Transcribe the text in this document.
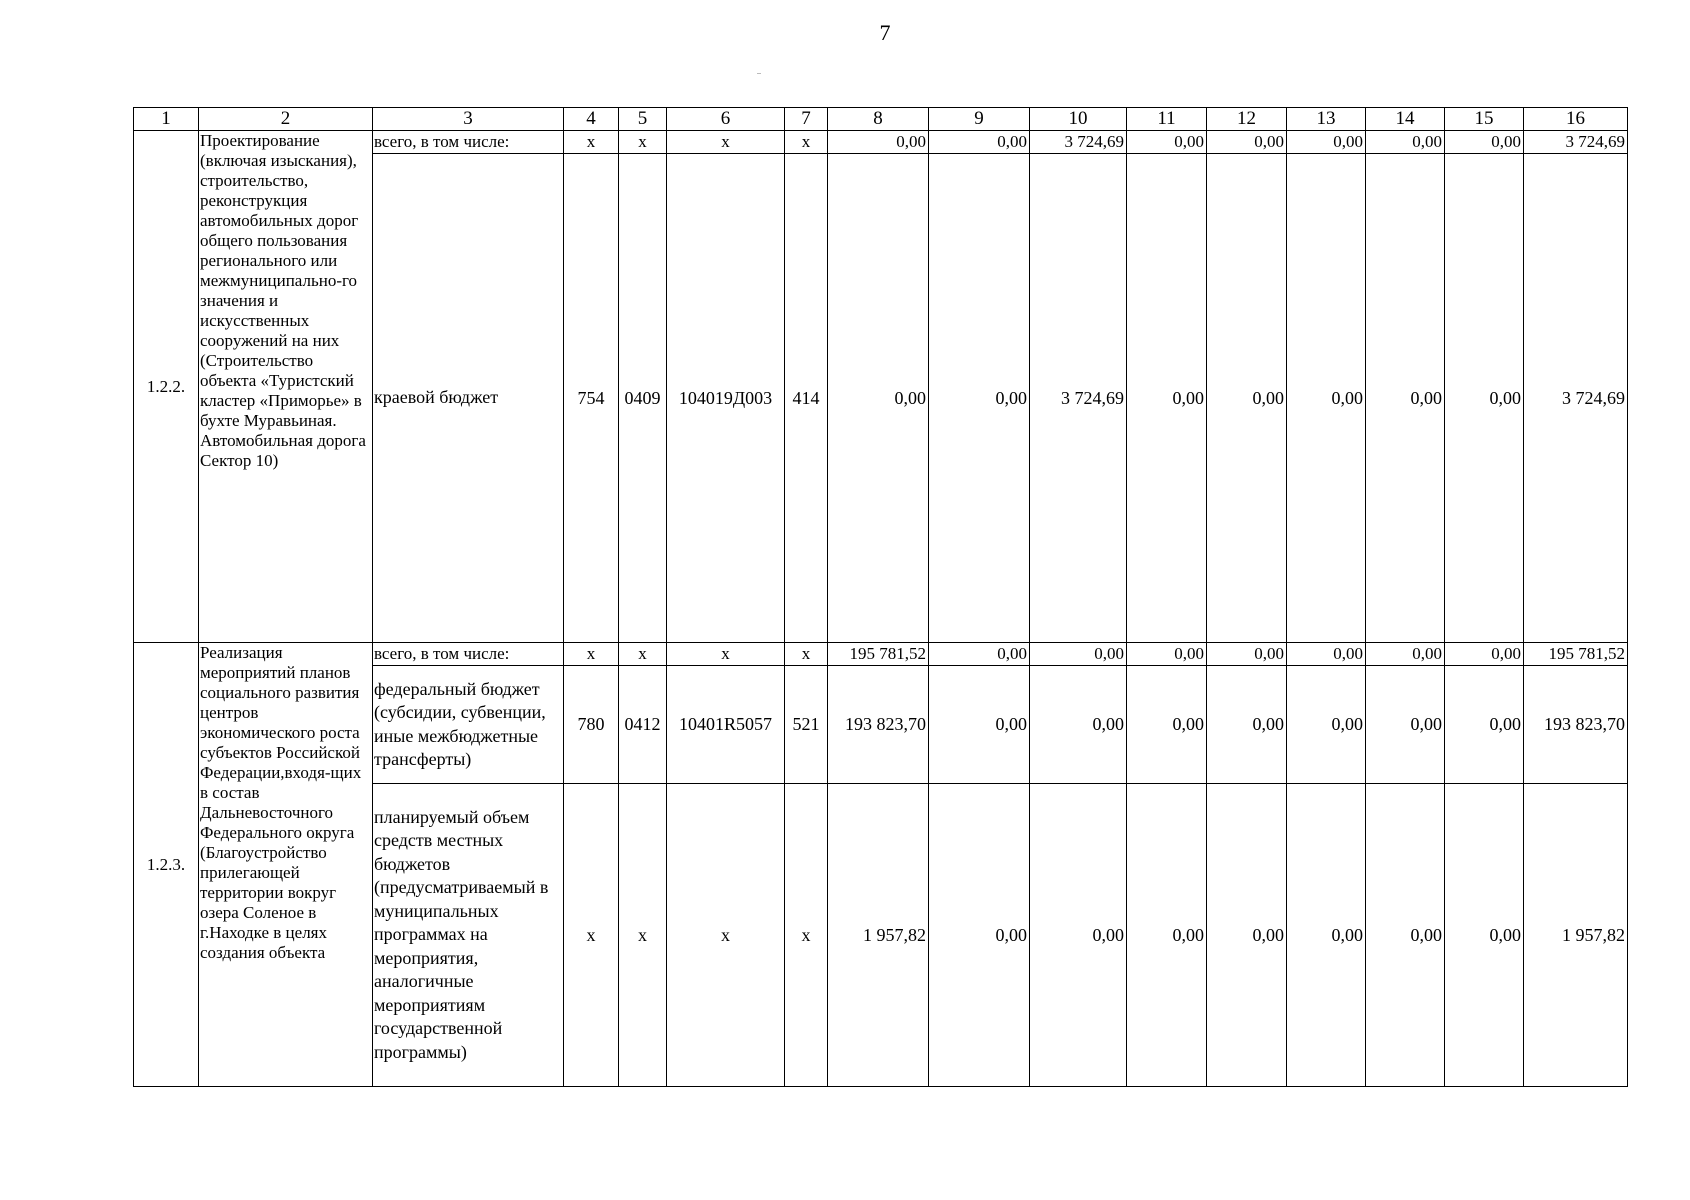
7
1	2	3	4	5	6	7	8	9	10	11	12	13	14	15	16
1.2.2.	Проектирование (включая изыскания), строительство, реконструкция автомобильных дорог общего пользования регионального или межмуниципально-го значения и искусственных сооружений на них (Строительство объекта «Туристский кластер «Приморье» в бухте Муравьиная. Автомобильная дорога Сектор 10)	всего, в том числе:	х	х	х	х	0,00	0,00	3 724,69	0,00	0,00	0,00	0,00	0,00	3 724,69
		краевой бюджет	754	0409	104019Д003	414	0,00	0,00	3 724,69	0,00	0,00	0,00	0,00	0,00	3 724,69
1.2.3.	Реализация мероприятий планов социального развития центров экономического роста субъектов Российской Федерации,входя-щих в состав Дальневосточного Федерального округа (Благоустройство прилегающей территории вокруг озера Соленое в г.Находке в целях создания объекта	всего, в том числе:	х	х	х	х	195 781,52	0,00	0,00	0,00	0,00	0,00	0,00	0,00	195 781,52
		федеральный бюджет (субсидии, субвенции, иные межбюджетные трансферты)	780	0412	10401R5057	521	193 823,70	0,00	0,00	0,00	0,00	0,00	0,00	0,00	193 823,70
		планируемый объем средств местных бюджетов (предусматриваемый в муниципальных программах на мероприятия, аналогичные мероприятиям государственной программы)	х	х	х	х	1 957,82	0,00	0,00	0,00	0,00	0,00	0,00	0,00	1 957,82
